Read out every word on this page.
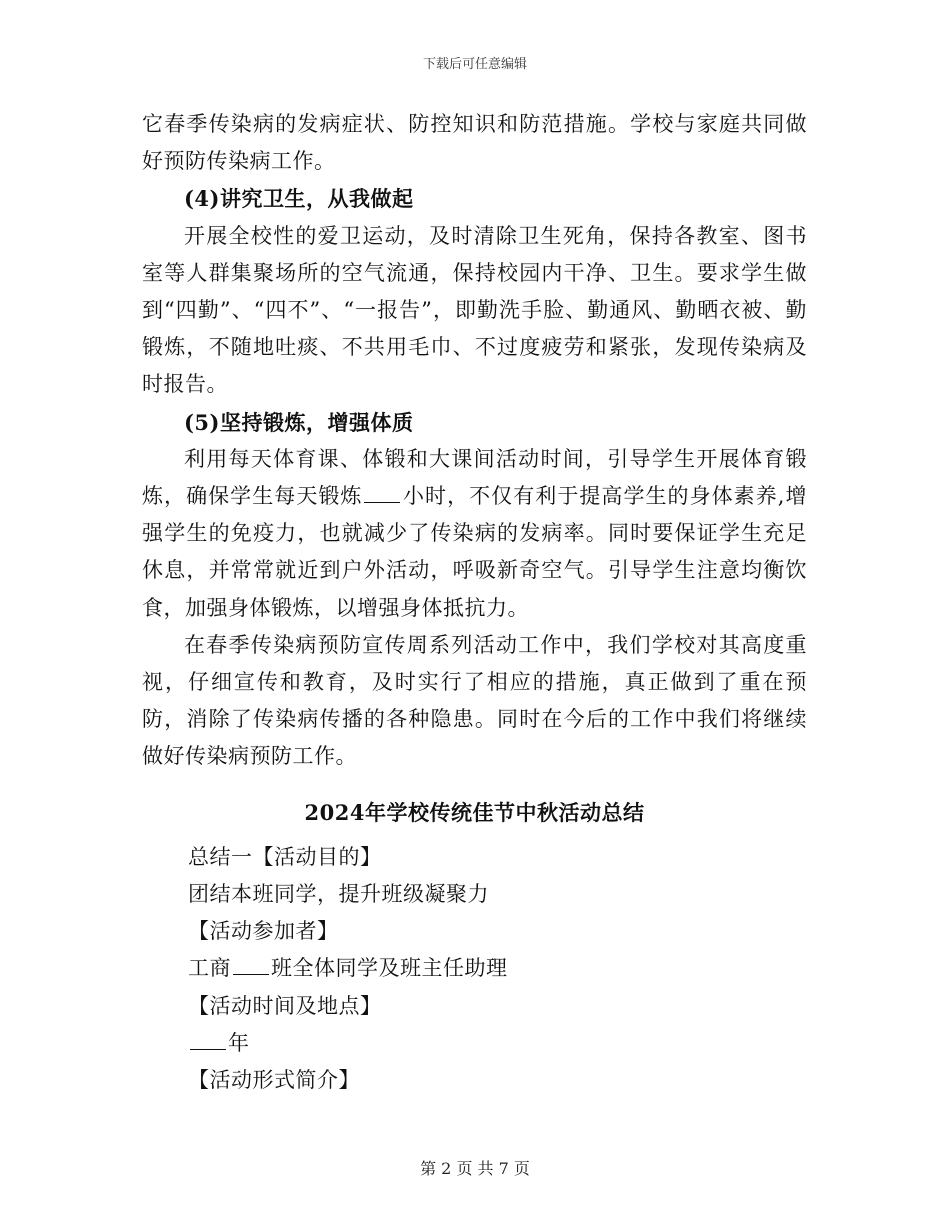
下载后可任意编辑

它春季传染病的发病症状、防控知识和防范措施。学校与家庭共同做好预防传染病工作。

(4)讲究卫生，从我做起

开展全校性的爱卫运动，及时清除卫生死角，保持各教室、图书室等人群集聚场所的空气流通，保持校园内干净、卫生。要求学生做到“四勤”、“四不”、“一报告”，即勤洗手脸、勤通风、勤晒衣被、勤锻炼，不随地吐痰、不共用毛巾、不过度疲劳和紧张，发现传染病及时报告。

(5)坚持锻炼，增强体质

利用每天体育课、体锻和大课间活动时间，引导学生开展体育锻炼，确保学生每天锻炼 小时，不仅有利于提高学生的身体素养,增强学生的免疫力，也就减少了传染病的发病率。同时要保证学生充足休息，并常常就近到户外活动，呼吸新奇空气。引导学生注意均衡饮食，加强身体锻炼，以增强身体抵抗力。

在春季传染病预防宣传周系列活动工作中，我们学校对其高度重视，仔细宣传和教育，及时实行了相应的措施，真正做到了重在预防，消除了传染病传播的各种隐患。同时在今后的工作中我们将继续做好传染病预防工作。

2024年学校传统佳节中秋活动总结

总结一【活动目的】

团结本班同学，提升班级凝聚力

【活动参加者】

工商 班全体同学及班主任助理

【活动时间及地点】

年

【活动形式简介】

第 2 页 共 7 页
